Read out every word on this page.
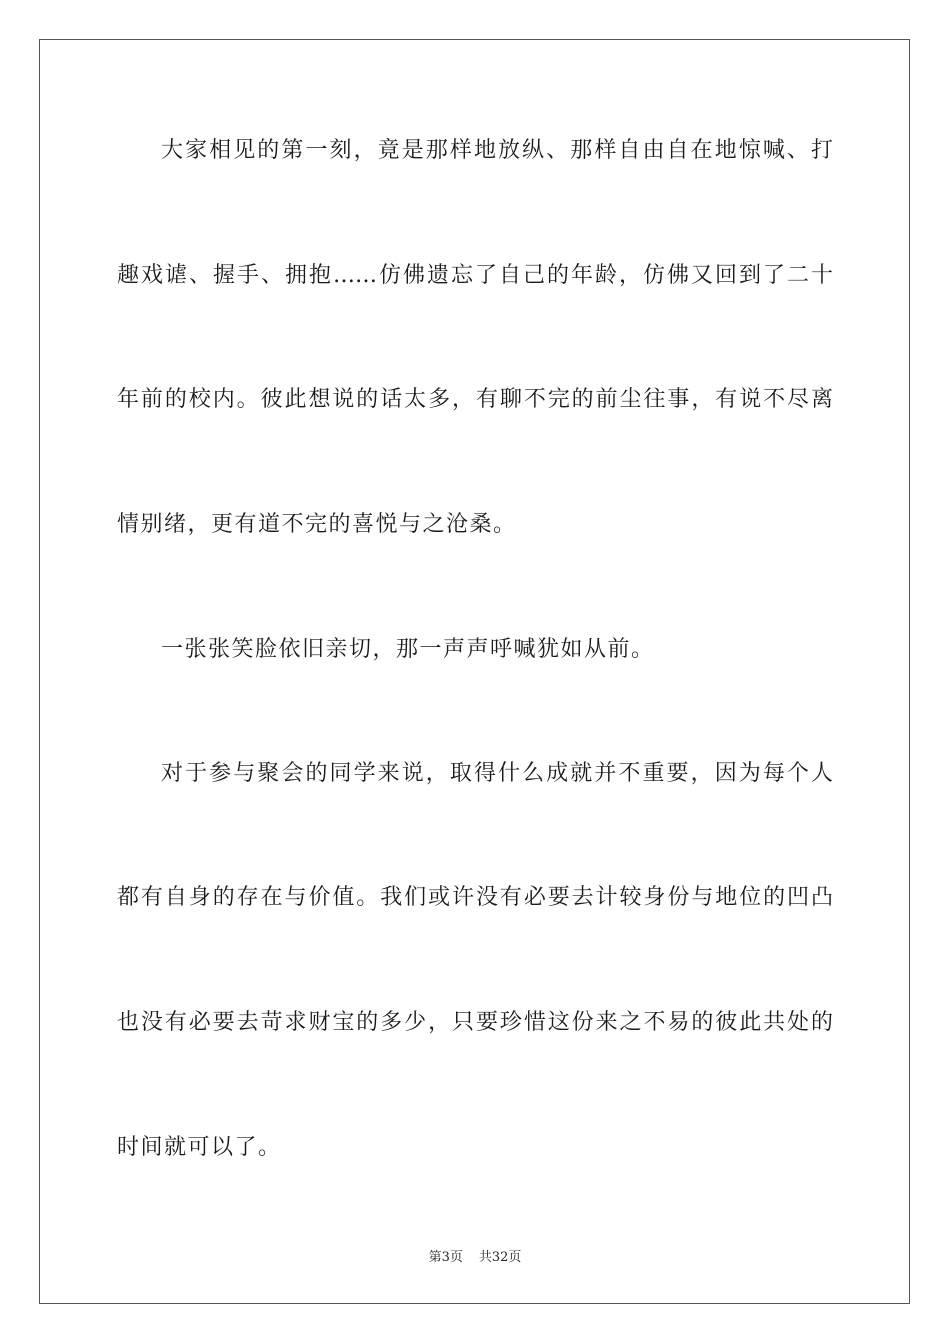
大家相见的第一刻，竟是那样地放纵、那样自由自在地惊喊、打
趣戏谑、握手、拥抱……仿佛遗忘了自己的年龄，仿佛又回到了二十
年前的校内。彼此想说的话太多，有聊不完的前尘往事，有说不尽离
情别绪，更有道不完的喜悦与之沧桑。
一张张笑脸依旧亲切，那一声声呼喊犹如从前。
对于参与聚会的同学来说，取得什么成就并不重要，因为每个人
都有自身的存在与价值。我们或许没有必要去计较身份与地位的凹凸
也没有必要去苛求财宝的多少，只要珍惜这份来之不易的彼此共处的
时间就可以了。
第3页 共32页
